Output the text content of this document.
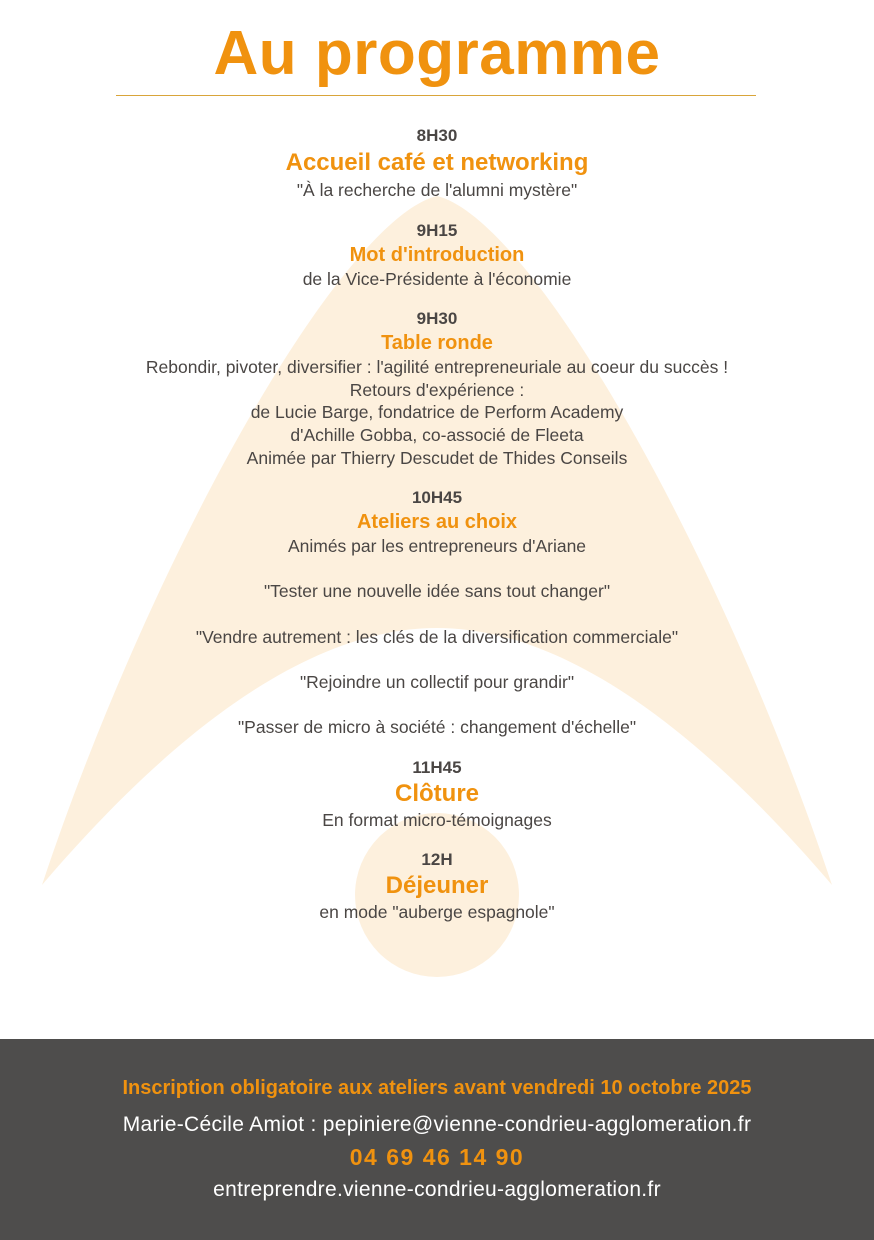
Au programme
8H30
Accueil café et networking
"À la recherche de l'alumni mystère"
9H15
Mot d'introduction
de la Vice-Présidente à l'économie
9H30
Table ronde
Rebondir, pivoter, diversifier : l'agilité entrepreneuriale au coeur du succès !
Retours d'expérience :
de Lucie Barge, fondatrice de Perform Academy
d'Achille Gobba, co-associé de Fleeta
Animée par Thierry Descudet de Thides Conseils
10H45
Ateliers au choix
Animés par les entrepreneurs d'Ariane
"Tester une nouvelle idée sans tout changer"
"Vendre autrement : les clés de la diversification commerciale"
"Rejoindre un collectif pour grandir"
"Passer de micro à société : changement d'échelle"
11H45
Clôture
En format micro-témoignages
12H
Déjeuner
en mode "auberge espagnole"
Inscription obligatoire aux ateliers avant vendredi 10 octobre 2025
Marie-Cécile Amiot : pepiniere@vienne-condrieu-agglomeration.fr
04 69 46 14 90
entreprendre.vienne-condrieu-agglomeration.fr
